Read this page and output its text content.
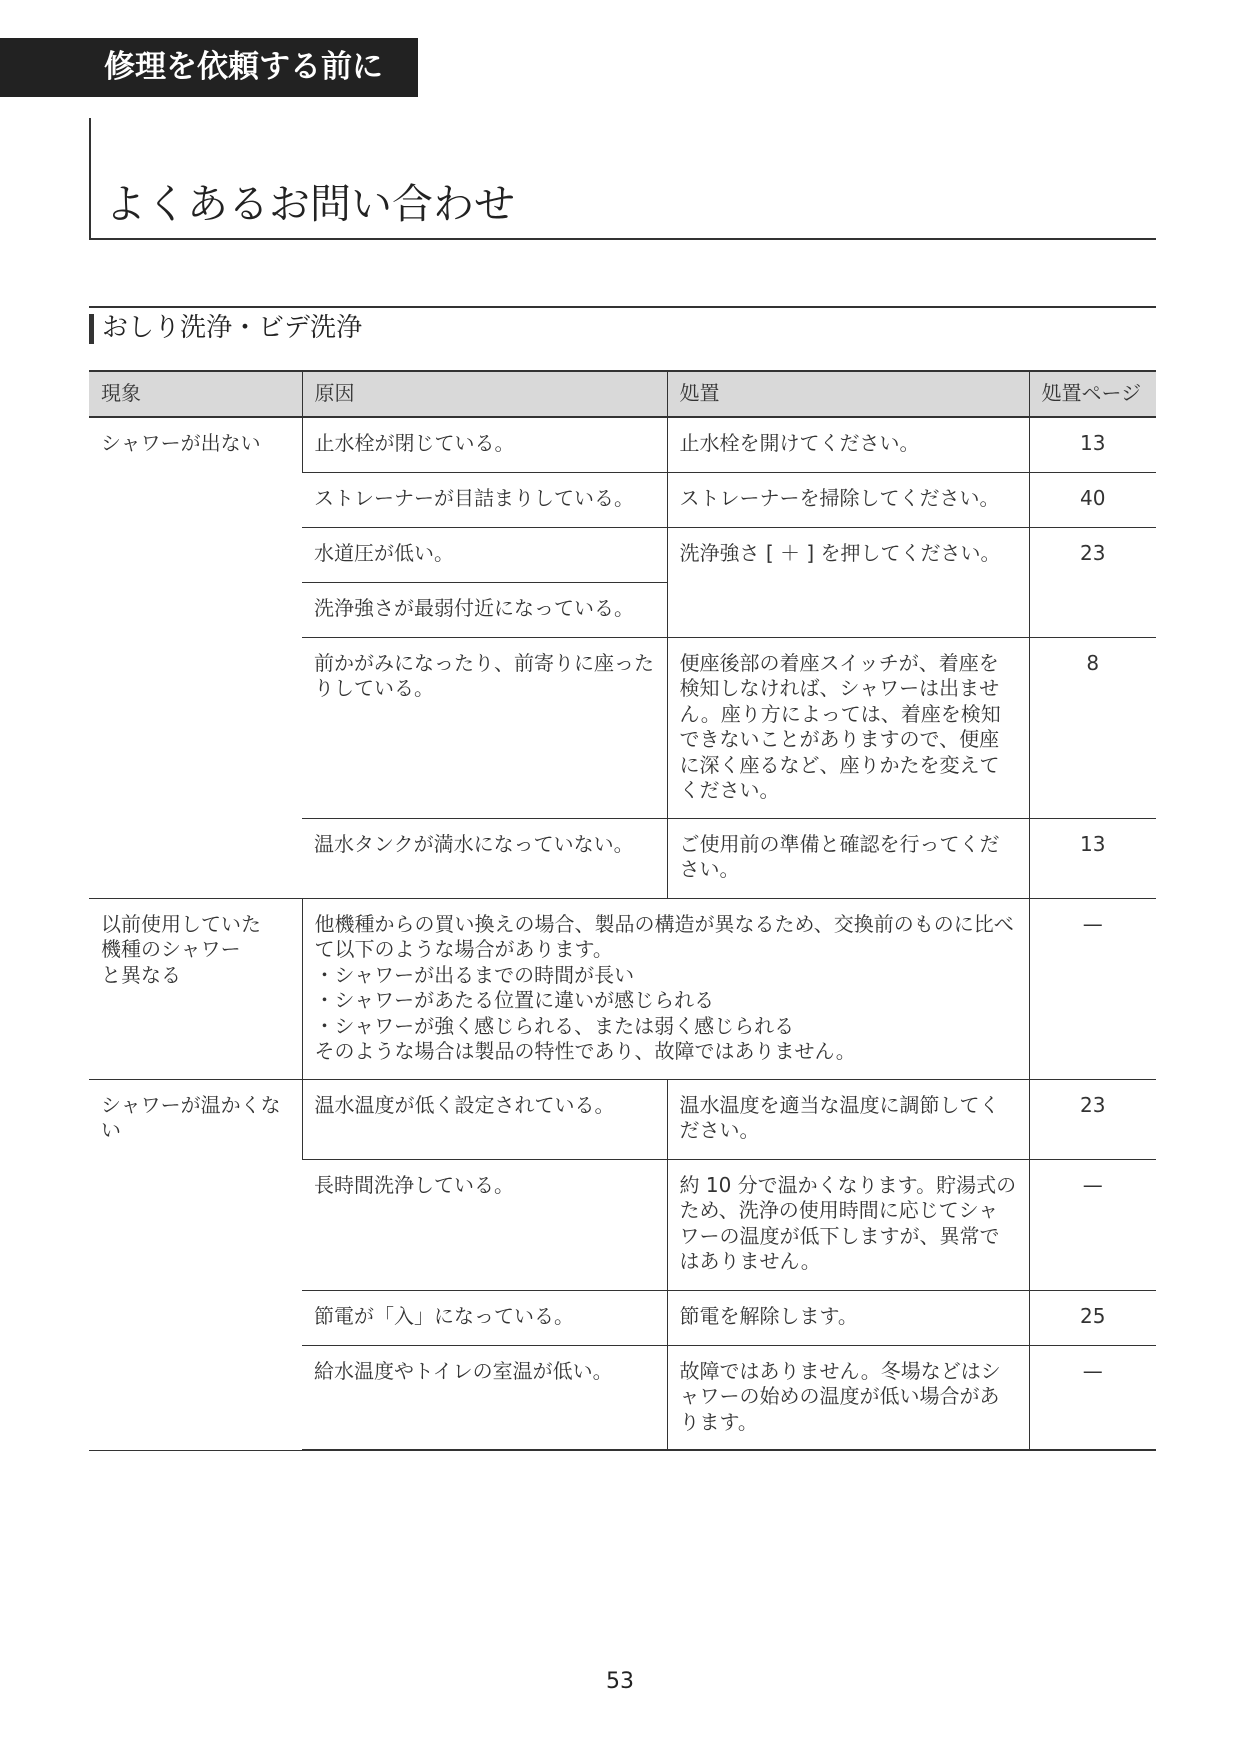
修理を依頼する前に
よくあるお問い合わせ
おしり洗浄・ビデ洗浄
現象	原因	処置	処置ページ
シャワーが出ない	止水栓が閉じている。	止水栓を開けてください。	13
	ストレーナーが目詰まりしている。	ストレーナーを掃除してください。	40
	水道圧が低い。	洗浄強さ [ ＋ ] を押してください。	23
	洗浄強さが最弱付近になっている。		
	前かがみになったり、前寄りに座ったりしている。	便座後部の着座スイッチが、着座を検知しなければ、シャワーは出ません。座り方によっては、着座を検知できないことがありますので、便座に深く座るなど、座りかたを変えてください。	8
	温水タンクが満水になっていない。	ご使用前の準備と確認を行ってください。	13

以前使用していた
機種のシャワー
と異なる	他機種からの買い換えの場合、製品の構造が異なるため、交換前のものに比べて以下のような場合があります。
・シャワーが出るまでの時間が長い
・シャワーがあたる位置に違いが感じられる
・シャワーが強く感じられる、または弱く感じられる
そのような場合は製品の特性であり、故障ではありません。		—
シャワーが温かくない	温水温度が低く設定されている。	温水温度を適当な温度に調節してください。	23
	長時間洗浄している。	約 10 分で温かくなります。貯湯式のため、洗浄の使用時間に応じてシャワーの温度が低下しますが、異常ではありません。	—
	節電が「入」になっている。	節電を解除します。	25
	給水温度やトイレの室温が低い。	故障ではありません。冬場などはシャワーの始めの温度が低い場合があります。	—
53
